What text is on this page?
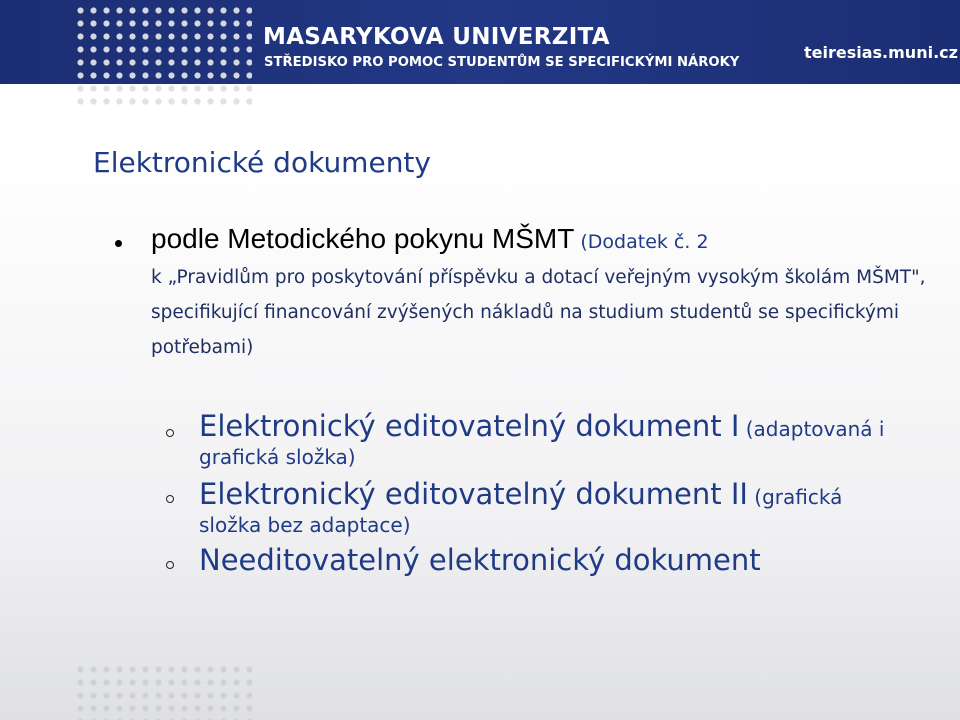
MASARYKOVA UNIVERZITA
STŘEDISKO PRO POMOC STUDENTŮM SE SPECIFICKÝMI NÁROKY
teiresias.muni.cz
Elektronické dokumenty
podle Metodického pokynu MŠMT (Dodatek č. 2
k „Pravidlům pro poskytování příspěvku a dotací veřejným vysokým školám MŠMT", specifikující financování zvýšených nákladů na studium studentů se specifickými potřebami)
Elektronický editovatelný dokument I (adaptovaná i
grafická složka)
Elektronický editovatelný dokument II (grafická
složka bez adaptace)
Needitovatelný elektronický dokument
